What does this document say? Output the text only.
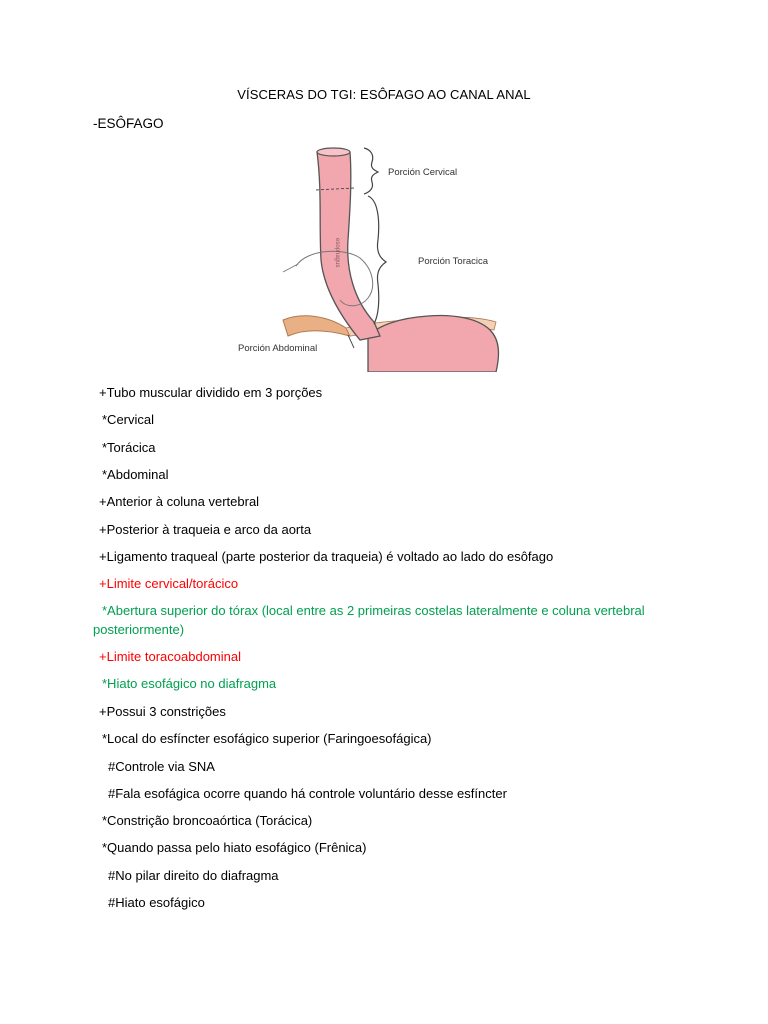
VÍSCERAS DO TGI: ESÔFAGO AO CANAL ANAL
-ESÔFAGO
esophagus
Porción Cervical
Porción Toracica
Porción Abdominal
+Tubo muscular dividido em 3 porções
*Cervical
*Torácica
*Abdominal
+Anterior à coluna vertebral
+Posterior à traqueia e arco da aorta
+Ligamento traqueal (parte posterior da traqueia) é voltado ao lado do esôfago
+Limite cervical/torácico
*Abertura superior do tórax (local entre as 2 primeiras costelas lateralmente e coluna vertebral posteriormente)
+Limite toracoabdominal
*Hiato esofágico no diafragma
+Possui 3 constrições
*Local do esfíncter esofágico superior (Faringoesofágica)
#Controle via SNA
#Fala esofágica ocorre quando há controle voluntário desse esfíncter
*Constrição broncoaórtica (Torácica)
*Quando passa pelo hiato esofágico (Frênica)
#No pilar direito do diafragma
#Hiato esofágico
